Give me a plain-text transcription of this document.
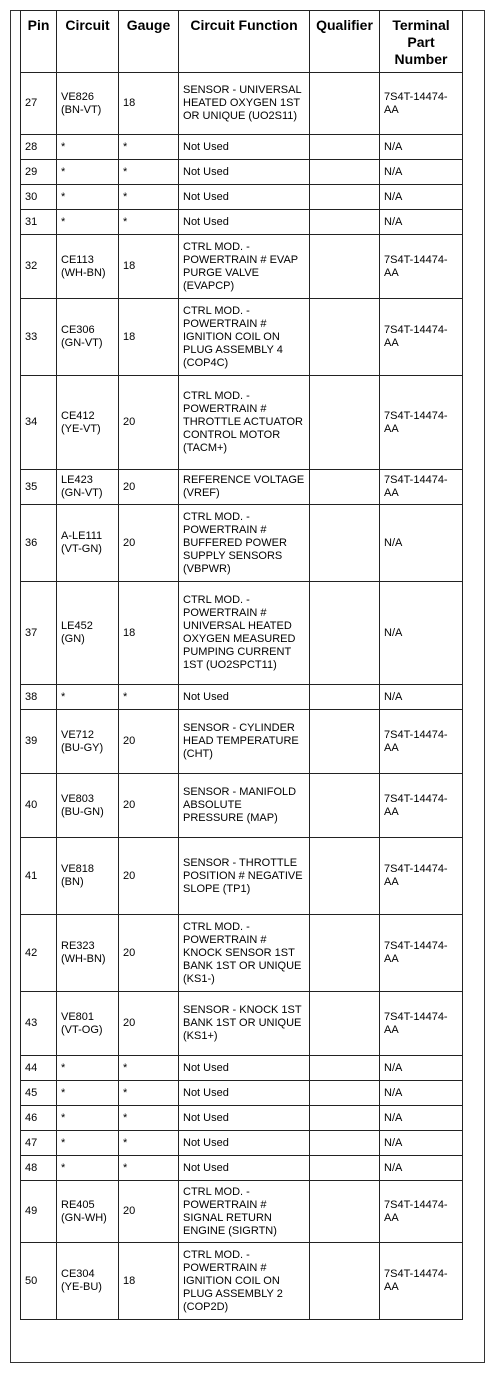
Pin	Circuit	Gauge	Circuit Function	Qualifier	Terminal Part Number
27	VE826 (BN-VT)	18	SENSOR - UNIVERSAL HEATED OXYGEN 1ST OR UNIQUE (UO2S11)		7S4T-14474-AA
28	*	*	Not Used		N/A
29	*	*	Not Used		N/A
30	*	*	Not Used		N/A
31	*	*	Not Used		N/A
32	CE113 (WH-BN)	18	CTRL MOD. - POWERTRAIN # EVAP PURGE VALVE (EVAPCP)		7S4T-14474-AA
33	CE306 (GN-VT)	18	CTRL MOD. - POWERTRAIN # IGNITION COIL ON PLUG ASSEMBLY 4 (COP4C)		7S4T-14474-AA
34	CE412 (YE-VT)	20	CTRL MOD. - POWERTRAIN # THROTTLE ACTUATOR CONTROL MOTOR (TACM+)		7S4T-14474-AA
35	LE423 (GN-VT)	20	REFERENCE VOLTAGE (VREF)		7S4T-14474-AA
36	A-LE111 (VT-GN)	20	CTRL MOD. - POWERTRAIN # BUFFERED POWER SUPPLY SENSORS (VBPWR)		N/A
37	LE452 (GN)	18	CTRL MOD. - POWERTRAIN # UNIVERSAL HEATED OXYGEN MEASURED PUMPING CURRENT 1ST (UO2SPCT11)		N/A
38	*	*	Not Used		N/A
39	VE712 (BU-GY)	20	SENSOR - CYLINDER HEAD TEMPERATURE (CHT)		7S4T-14474-AA
40	VE803 (BU-GN)	20	SENSOR - MANIFOLD ABSOLUTE PRESSURE (MAP)		7S4T-14474-AA
41	VE818 (BN)	20	SENSOR - THROTTLE POSITION # NEGATIVE SLOPE (TP1)		7S4T-14474-AA
42	RE323 (WH-BN)	20	CTRL MOD. - POWERTRAIN # KNOCK SENSOR 1ST BANK 1ST OR UNIQUE (KS1-)		7S4T-14474-AA
43	VE801 (VT-OG)	20	SENSOR - KNOCK 1ST BANK 1ST OR UNIQUE (KS1+)		7S4T-14474-AA
44	*	*	Not Used		N/A
45	*	*	Not Used		N/A
46	*	*	Not Used		N/A
47	*	*	Not Used		N/A
48	*	*	Not Used		N/A
49	RE405 (GN-WH)	20	CTRL MOD. - POWERTRAIN # SIGNAL RETURN ENGINE (SIGRTN)		7S4T-14474-AA
50	CE304 (YE-BU)	18	CTRL MOD. - POWERTRAIN # IGNITION COIL ON PLUG ASSEMBLY 2 (COP2D)		7S4T-14474-AA
